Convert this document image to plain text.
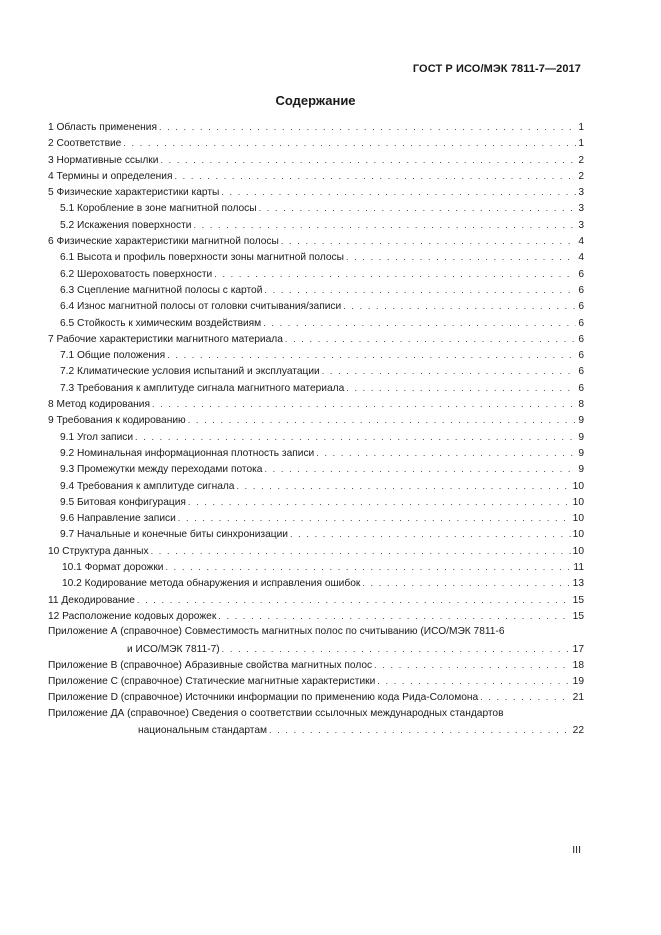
ГОСТ Р ИСО/МЭК 7811-7—2017
Содержание
1 Область применения . . .	1
2 Соответствие . . .	1
3 Нормативные ссылки . . .	2
4 Термины и определения . . .	2
5 Физические характеристики карты . . .	3
5.1 Коробление в зоне магнитной полосы . . .	3
5.2 Искажения поверхности . . .	3
6 Физические характеристики магнитной полосы . . .	4
6.1 Высота и профиль поверхности зоны магнитной полосы . . .	4
6.2 Шероховатость поверхности . . .	6
6.3 Сцепление магнитной полосы с картой . . .	6
6.4 Износ магнитной полосы от головки считывания/записи . . .	6
6.5 Стойкость к химическим воздействиям . . .	6
7 Рабочие характеристики магнитного материала . . .	6
7.1 Общие положения . . .	6
7.2 Климатические условия испытаний и эксплуатации . . .	6
7.3 Требования к амплитуде сигнала магнитного материала . . .	6
8 Метод кодирования . . .	8
9 Требования к кодированию . . .	9
9.1 Угол записи . . .	9
9.2 Номинальная информационная плотность записи . . .	9
9.3 Промежутки между переходами потока . . .	9
9.4 Требования к амплитуде сигнала . . .	10
9.5 Битовая конфигурация . . .	10
9.6 Направление записи . . .	10
9.7 Начальные и конечные биты синхронизации . . .	10
10 Структура данных . . .	10
10.1 Формат дорожки . . .	11
10.2 Кодирование метода обнаружения и исправления ошибок . . .	13
11 Декодирование . . .	15
12 Расположение кодовых дорожек . . .	15
Приложение А (справочное) Совместимость магнитных полос по считыванию (ИСО/МЭК 7811-6
и ИСО/МЭК 7811-7) . . .	17
Приложение В (справочное) Абразивные свойства магнитных полос . . .	18
Приложение С (справочное) Статические магнитные характеристики . . .	19
Приложение D (справочное) Источники информации по применению кода Рида-Соломона . . .	21
Приложение ДА (справочное) Сведения о соответствии ссылочных международных стандартов
национальным стандартам . . .	22
III
